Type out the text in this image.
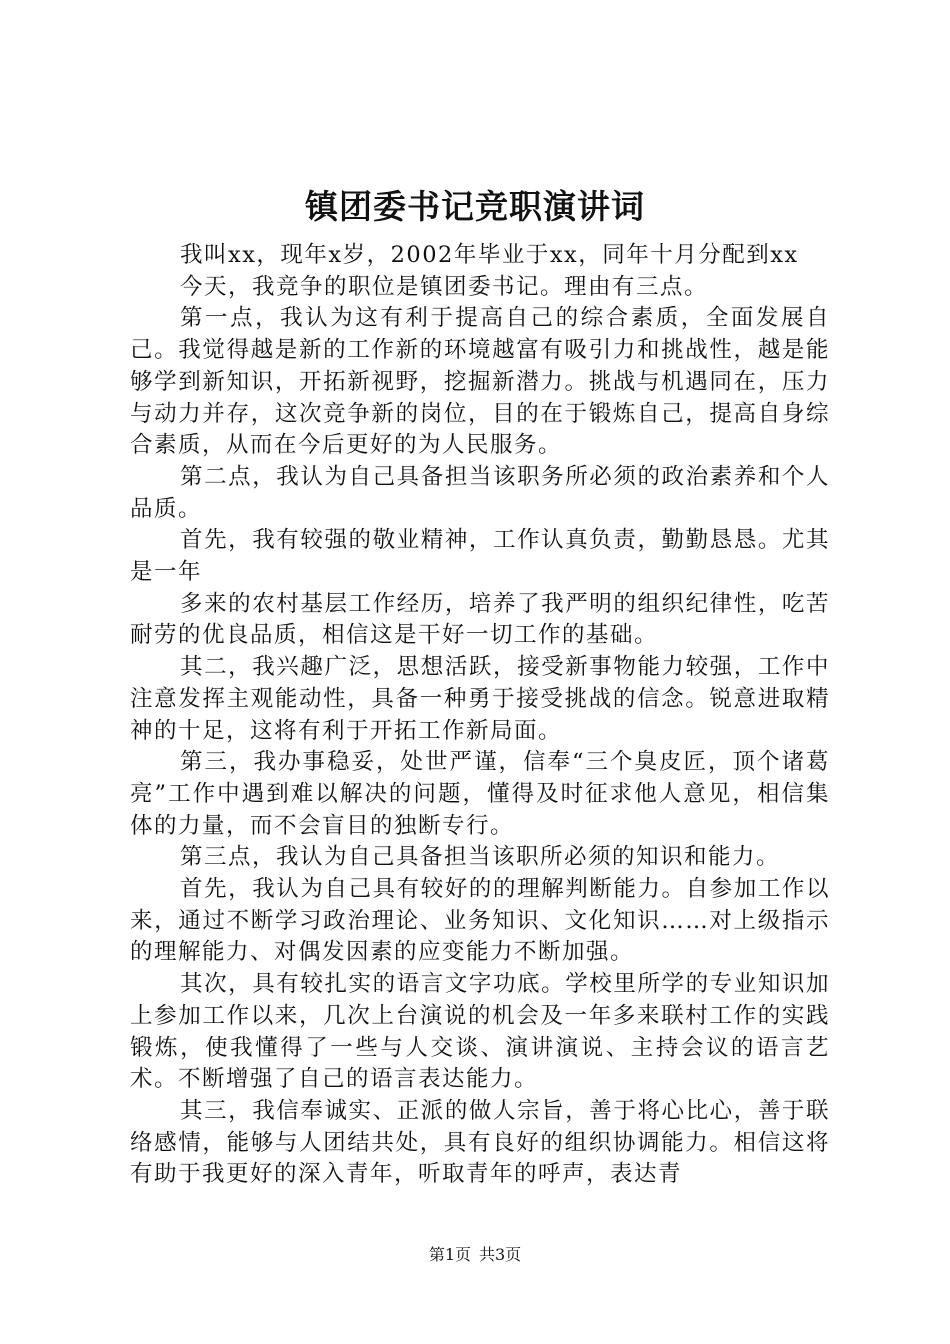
镇团委书记竞职演讲词

我叫xx，现年x岁，2002年毕业于xx，同年十月分配到xx

今天，我竞争的职位是镇团委书记。理由有三点。

第一点，我认为这有利于提高自己的综合素质，全面发展自己。我觉得越是新的工作新的环境越富有吸引力和挑战性，越是能够学到新知识，开拓新视野，挖掘新潜力。挑战与机遇同在，压力与动力并存，这次竞争新的岗位，目的在于锻炼自己，提高自身综合素质，从而在今后更好的为人民服务。

第二点，我认为自己具备担当该职务所必须的政治素养和个人品质。

首先，我有较强的敬业精神，工作认真负责，勤勤恳恳。尤其是一年

多来的农村基层工作经历，培养了我严明的组织纪律性，吃苦耐劳的优良品质，相信这是干好一切工作的基础。

其二，我兴趣广泛，思想活跃，接受新事物能力较强，工作中注意发挥主观能动性，具备一种勇于接受挑战的信念。锐意进取精神的十足，这将有利于开拓工作新局面。

第三，我办事稳妥，处世严谨，信奉“三个臭皮匠，顶个诸葛亮”工作中遇到难以解决的问题，懂得及时征求他人意见，相信集体的力量，而不会盲目的独断专行。

第三点，我认为自己具备担当该职所必须的知识和能力。

首先，我认为自己具有较好的的理解判断能力。自参加工作以来，通过不断学习政治理论、业务知识、文化知识……对上级指示的理解能力、对偶发因素的应变能力不断加强。

其次，具有较扎实的语言文字功底。学校里所学的专业知识加上参加工作以来，几次上台演说的机会及一年多来联村工作的实践锻炼，使我懂得了一些与人交谈、演讲演说、主持会议的语言艺术。不断增强了自己的语言表达能力。

其三，我信奉诚实、正派的做人宗旨，善于将心比心，善于联络感情，能够与人团结共处，具有良好的组织协调能力。相信这将有助于我更好的深入青年，听取青年的呼声，表达青

第1页 共3页
